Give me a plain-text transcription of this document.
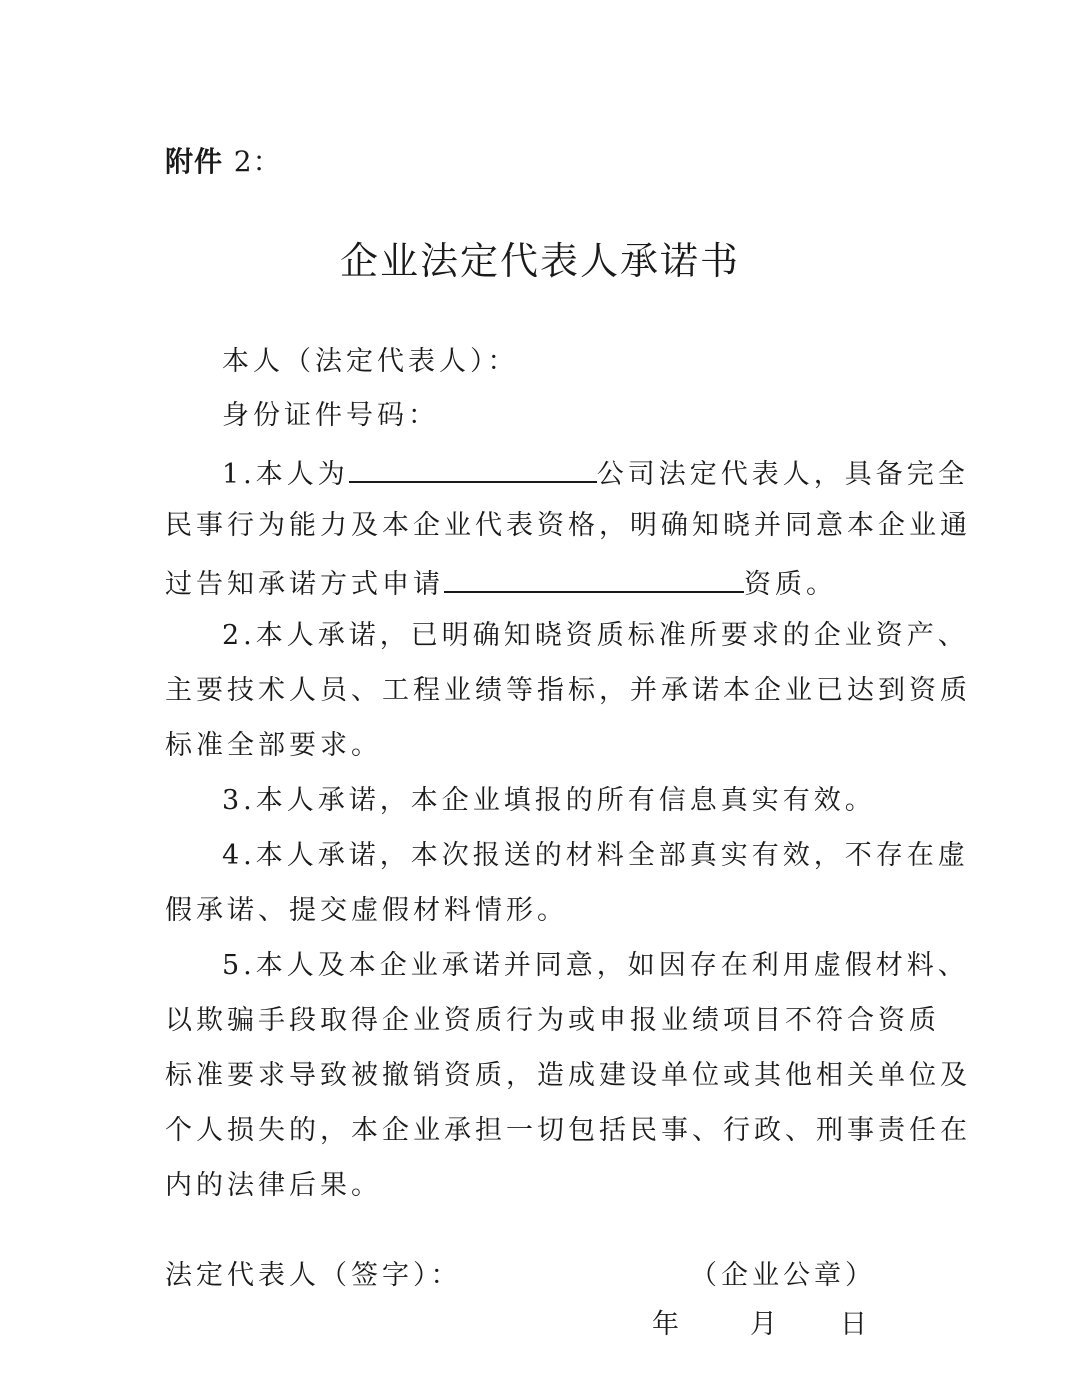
附件 2：
企业法定代表人承诺书
本人（法定代表人）：
身份证件号码：
1.本人为	公司法定代表人，具备完全
民事行为能力及本企业代表资格，明确知晓并同意本企业通
过告知承诺方式申请	资质。
2.本人承诺，已明确知晓资质标准所要求的企业资产、
主要技术人员、工程业绩等指标，并承诺本企业已达到资质
标准全部要求。
3.本人承诺，本企业填报的所有信息真实有效。
4.本人承诺，本次报送的材料全部真实有效，不存在虚
假承诺、提交虚假材料情形。
5.本人及本企业承诺并同意，如因存在利用虚假材料、
以欺骗手段取得企业资质行为或申报业绩项目不符合资质
标准要求导致被撤销资质，造成建设单位或其他相关单位及
个人损失的，本企业承担一切包括民事、行政、刑事责任在
内的法律后果。
法定代表人（签字）：	（企业公章）
年 月 日
